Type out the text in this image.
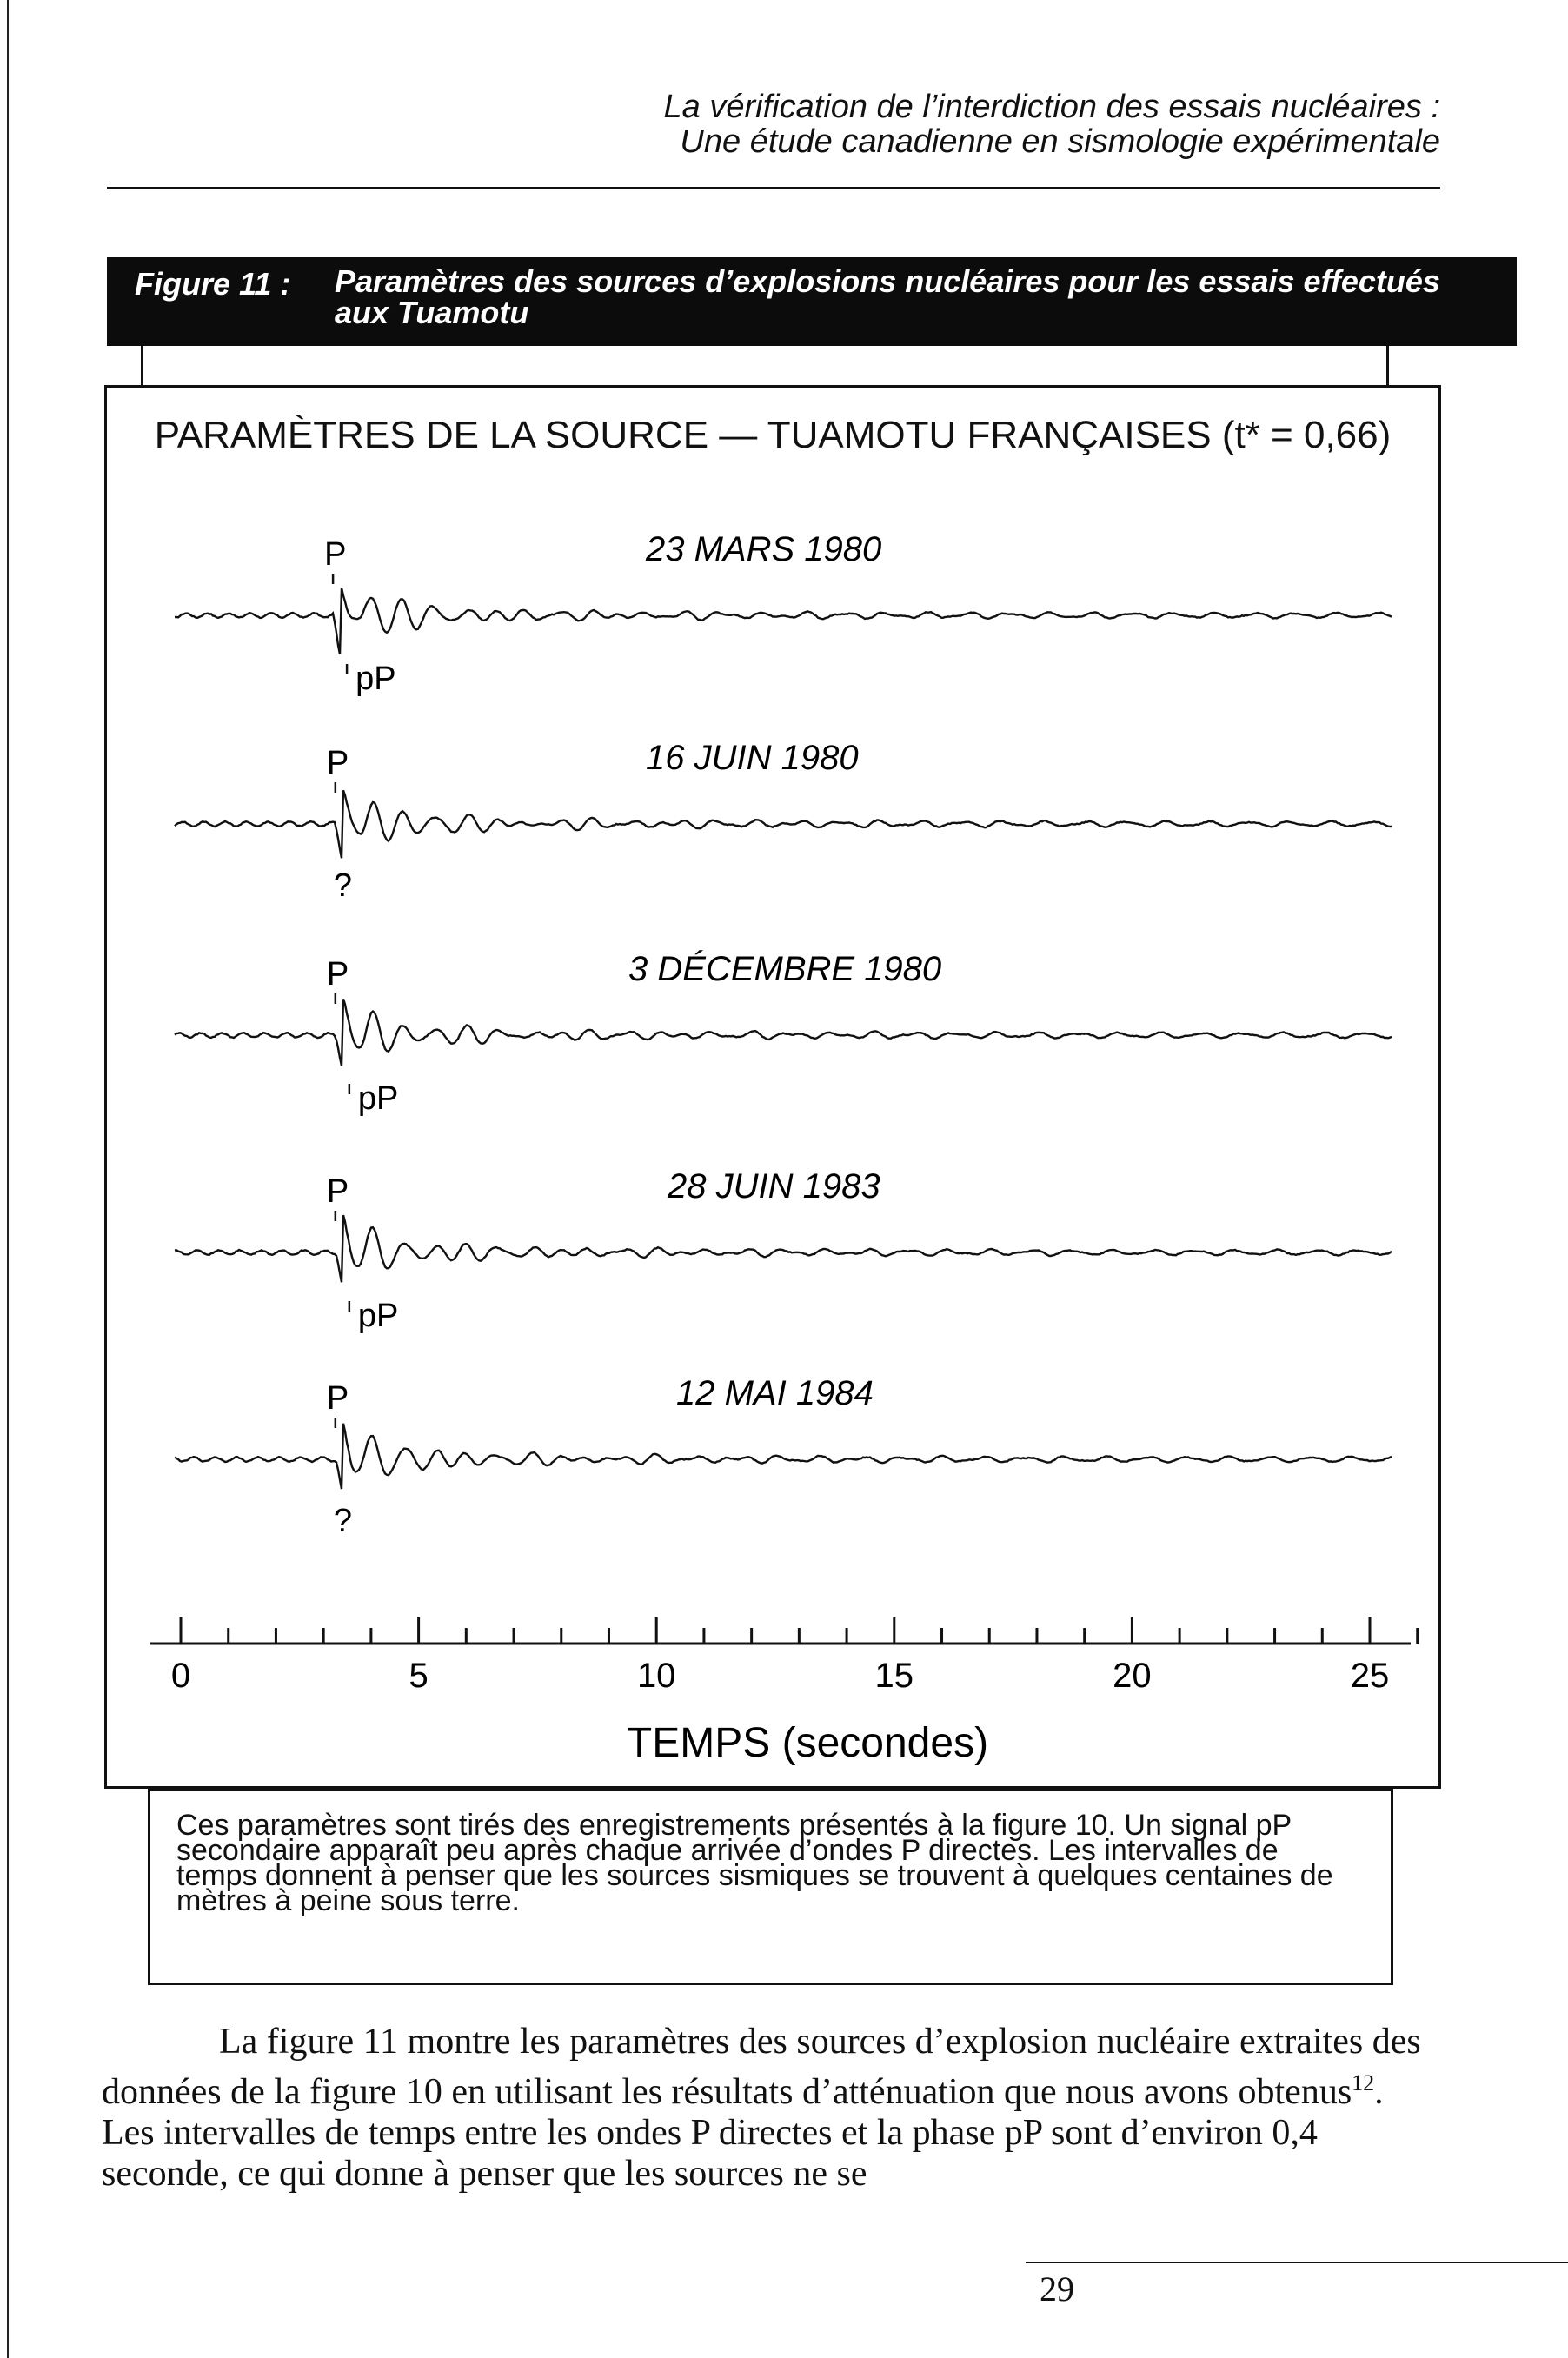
La vérification de l’interdiction des essais nucléaires :
Une étude canadienne en sismologie expérimentale
Figure 11 : Paramètres des sources d’explosions nucléaires pour les essais effectués aux Tuamotu
PARAMÈTRES DE LA SOURCE — TUAMOTU FRANÇAISES (t* = 0,66)
P
pP
23 MARS 1980
P
?
16 JUIN 1980
P
pP
3 DÉCEMBRE 1980
P
pP
28 JUIN 1983
P
?
12 MAI 1984
0	5	10	15	20	25
TEMPS (secondes)
Ces paramètres sont tirés des enregistrements présentés à la figure 10. Un signal pP secondaire apparaît peu après chaque arrivée d’ondes P directes. Les intervalles de temps donnent à penser que les sources sismiques se trouvent à quelques centaines de mètres à peine sous terre.

La figure 11 montre les paramètres des sources d’explosion nucléaire extraites des données de la figure 10 en utilisant les résultats d’atténuation que nous avons obtenus$^{12}$. Les intervalles de temps entre les ondes P directes et la phase pP sont d’environ 0,4 seconde, ce qui donne à penser que les sources ne se

29
